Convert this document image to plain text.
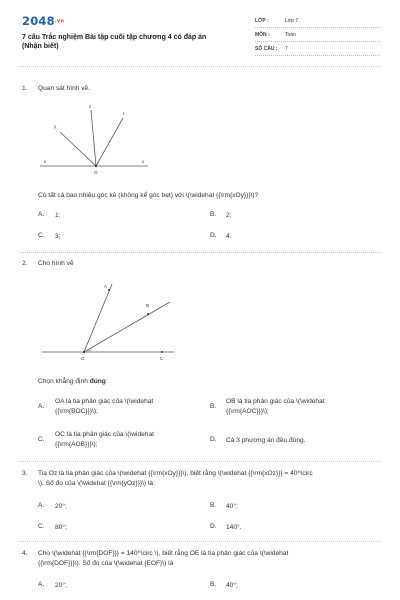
2048.vn
7 câu Trắc nghiệm Bài tập cuối tập chương 4 có đáp án (Nhận biết)
LỚP :	Lớp 7
MÔN :	Toán
SỐ CÂU : 7
1. Quan sát hình vẽ.
y
z
t
x	x
O
Có tất cả bao nhiêu góc kề (không kể góc bẹt) với \(\widehat {{\rm{xOy}}}\)?
A. 1;	B. 2;
C. 3;	D. 4.
2. Cho hình vẽ
A
B
O	C
Chọn khẳng định đúng:
A.
OA là tia phân giác của \(\widehat
{{\rm{BOC}}}\);
B.
OB là tia phân giác của \(\widehat
{{\rm{AOC}}}\);
C.
OC là tia phân giác của \(\widehat
{{\rm{AOB}}}\);
D. Cả 3 phương án đều đúng.
3. Tia Oz là tia phân giác của \(\widehat {{\rm{xOy}}}\), biết rằng \(\widehat {{\rm{xOz}}} = 40^\circ
\). Số đo của \(\widehat {{\rm{yOz}}}\) là:
A. 20°;	B. 40°;
C. 80°;	D. 140°.
4. Cho \(\widehat {{\rm{DOF}}} = 140^\circ \), biết rằng OE là tia phân giác của \(\widehat
{{\rm{DOF}}}\). Số đo của \(\widehat {EOF}\) là
A. 20°;	B. 40°;
